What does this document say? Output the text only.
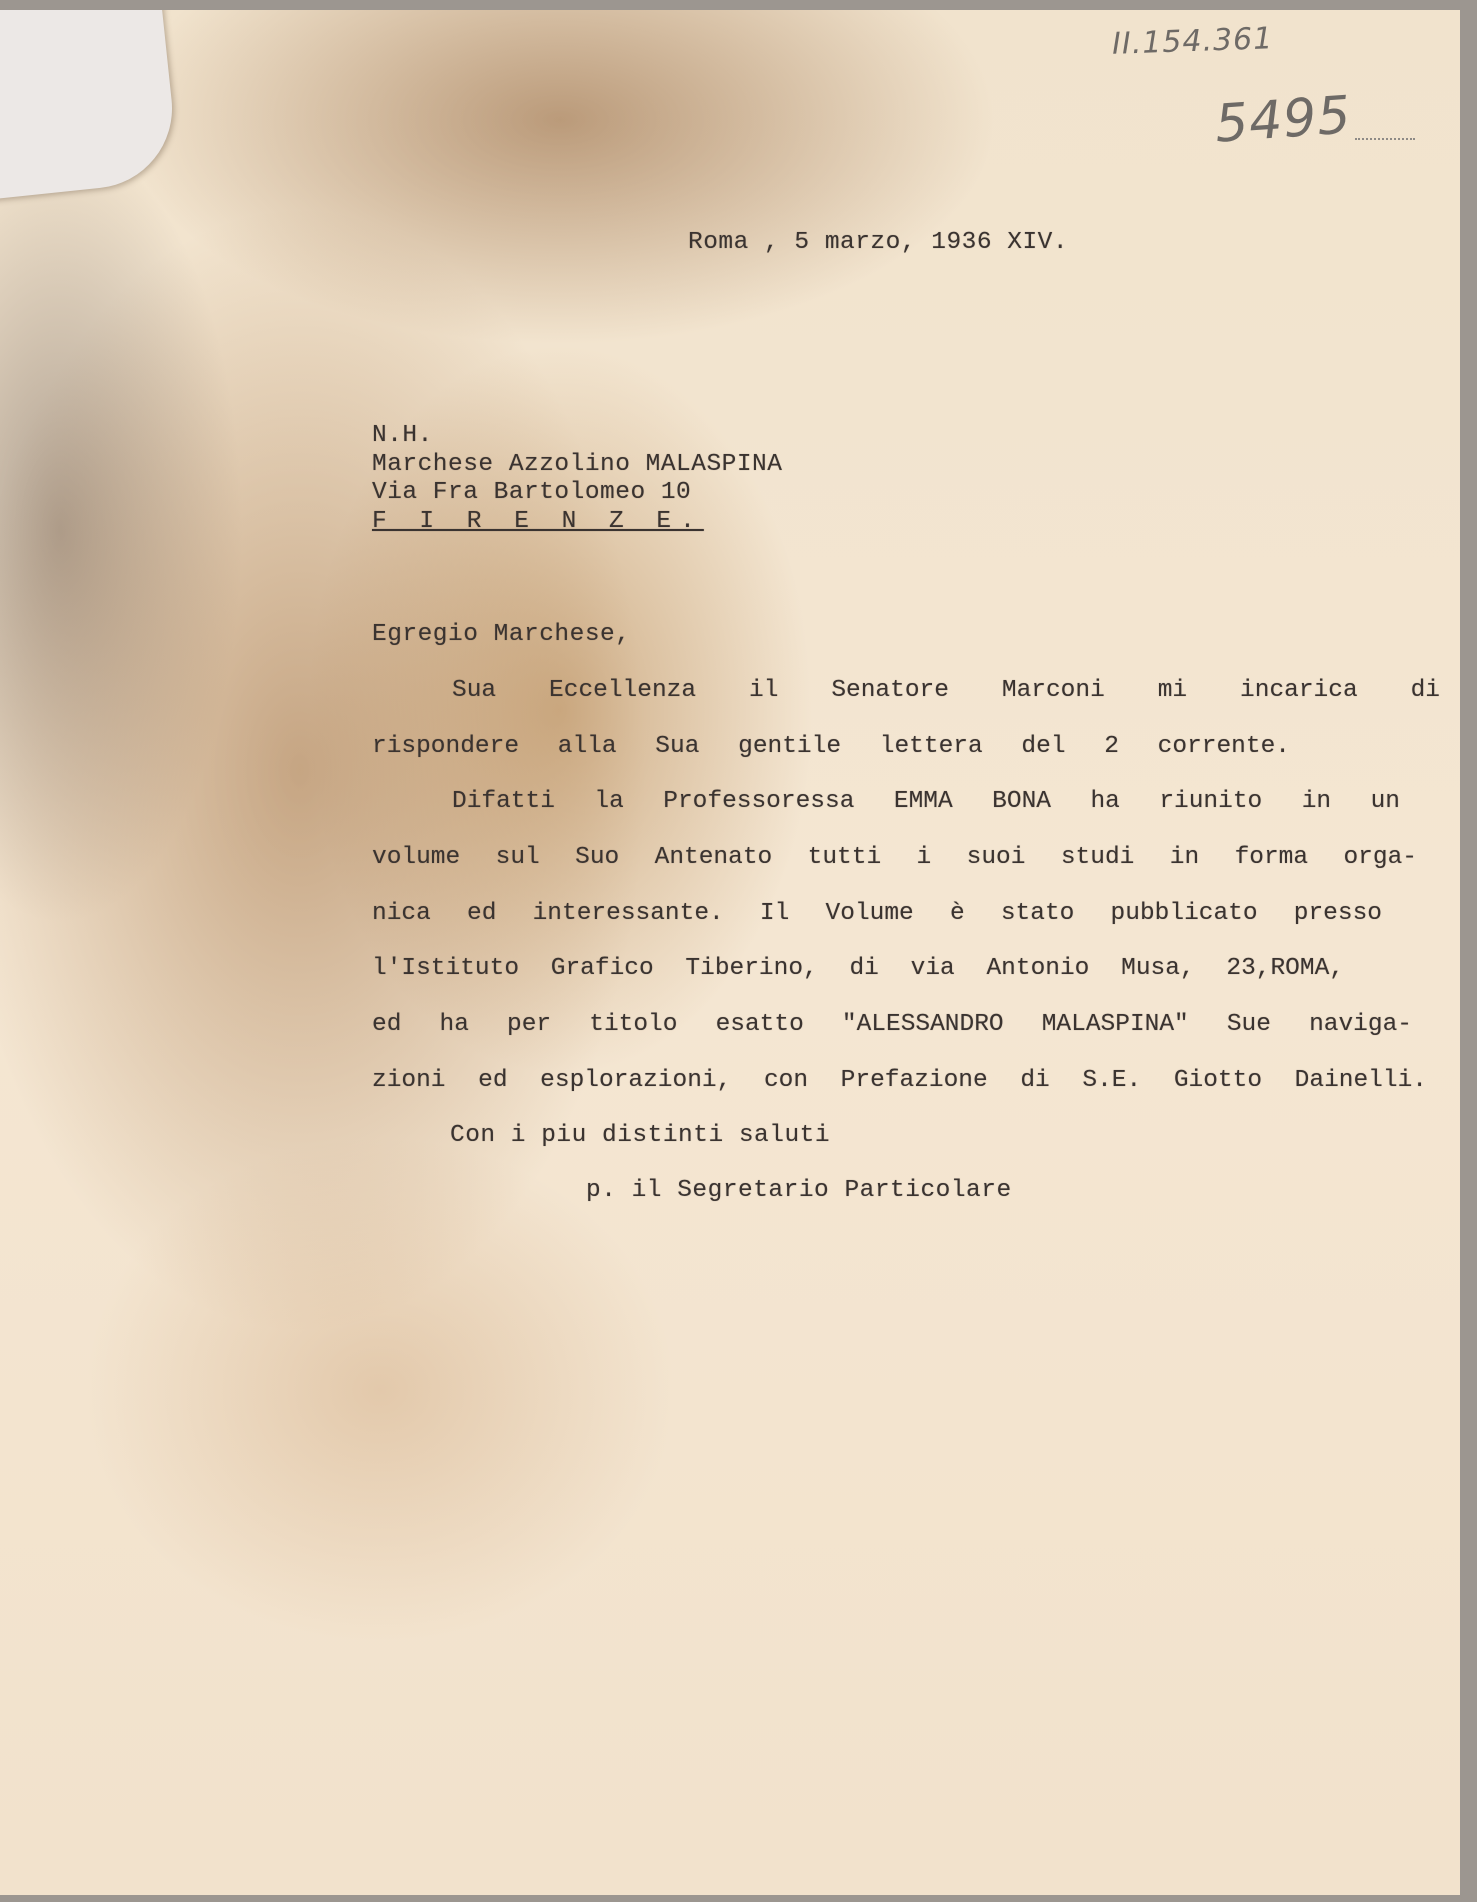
II.154.361
5495
Roma , 5 marzo, 1936 XIV.
N.H.
Marchese Azzolino MALASPINA
Via Fra Bartolomeo 10
F I R E N Z E.
Egregio Marchese,
Sua Eccellenza il Senatore Marconi mi incarica di
rispondere alla Sua gentile lettera del 2 corrente.
Difatti la Professoressa EMMA BONA ha riunito in un
volume sul Suo Antenato tutti i suoi studi in forma orga-
nica ed interessante. Il Volume è stato pubblicato presso
l'Istituto Grafico Tiberino, di via Antonio Musa, 23,ROMA,
ed ha per titolo esatto "ALESSANDRO MALASPINA" Sue naviga-
zioni ed esplorazioni, con Prefazione di S.E. Giotto Dainelli.
Con i piu distinti saluti
p. il Segretario Particolare
